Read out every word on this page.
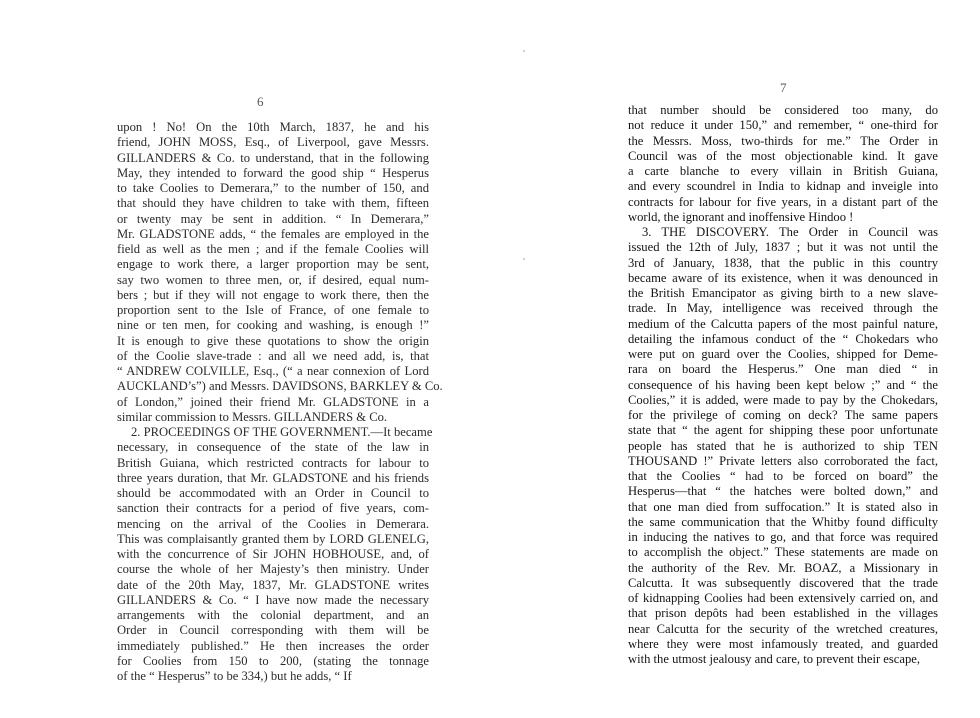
6
7
upon ! No! On the 10th March, 1837, he and his
friend, JOHN MOSS, Esq., of Liverpool, gave Messrs.
GILLANDERS & Co. to understand, that in the following
May, they intended to forward the good ship “ Hesperus
to take Coolies to Demerara,” to the number of 150, and
that should they have children to take with them, fifteen
or twenty may be sent in addition. “ In Demerara,”
Mr. GLADSTONE adds, “ the females are employed in the
field as well as the men ; and if the female Coolies will
engage to work there, a larger proportion may be sent,
say two women to three men, or, if desired, equal num-
bers ; but if they will not engage to work there, then the
proportion sent to the Isle of France, of one female to
nine or ten men, for cooking and washing, is enough !”
It is enough to give these quotations to show the origin
of the Coolie slave-trade : and all we need add, is, that
“ ANDREW COLVILLE, Esq., (“ a near connexion of Lord
AUCKLAND’s”) and Messrs. DAVIDSONS, BARKLEY & Co.
of London,” joined their friend Mr. GLADSTONE in a
similar commission to Messrs. GILLANDERS & Co.
2. PROCEEDINGS OF THE GOVERNMENT.—It became
necessary, in consequence of the state of the law in
British Guiana, which restricted contracts for labour to
three years duration, that Mr. GLADSTONE and his friends
should be accommodated with an Order in Council to
sanction their contracts for a period of five years, com-
mencing on the arrival of the Coolies in Demerara.
This was complaisantly granted them by LORD GLENELG,
with the concurrence of Sir JOHN HOBHOUSE, and, of
course the whole of her Majesty’s then ministry. Under
date of the 20th May, 1837, Mr. GLADSTONE writes
GILLANDERS & Co. “ I have now made the necessary
arrangements with the colonial department, and an
Order in Council corresponding with them will be
immediately published.” He then increases the order
for Coolies from 150 to 200, (stating the tonnage
of the “ Hesperus” to be 334,) but he adds, “ If
that number should be considered too many, do
not reduce it under 150,” and remember, “ one-third for
the Messrs. Moss, two-thirds for me.” The Order in
Council was of the most objectionable kind. It gave
a carte blanche to every villain in British Guiana,
and every scoundrel in India to kidnap and inveigle into
contracts for labour for five years, in a distant part of the
world, the ignorant and inoffensive Hindoo !
3. THE DISCOVERY. The Order in Council was
issued the 12th of July, 1837 ; but it was not until the
3rd of January, 1838, that the public in this country
became aware of its existence, when it was denounced in
the British Emancipator as giving birth to a new slave-
trade. In May, intelligence was received through the
medium of the Calcutta papers of the most painful nature,
detailing the infamous conduct of the “ Chokedars who
were put on guard over the Coolies, shipped for Deme-
rara on board the Hesperus.” One man died “ in
consequence of his having been kept below ;” and “ the
Coolies,” it is added, were made to pay by the Chokedars,
for the privilege of coming on deck? The same papers
state that “ the agent for shipping these poor unfortunate
people has stated that he is authorized to ship TEN
THOUSAND !” Private letters also corroborated the fact,
that the Coolies “ had to be forced on board” the
Hesperus—that “ the hatches were bolted down,” and
that one man died from suffocation.” It is stated also in
the same communication that the Whitby found difficulty
in inducing the natives to go, and that force was required
to accomplish the object.” These statements are made on
the authority of the Rev. Mr. BOAZ, a Missionary in
Calcutta. It was subsequently discovered that the trade
of kidnapping Coolies had been extensively carried on, and
that prison depôts had been established in the villages
near Calcutta for the security of the wretched creatures,
where they were most infamously treated, and guarded
with the utmost jealousy and care, to prevent their escape,
